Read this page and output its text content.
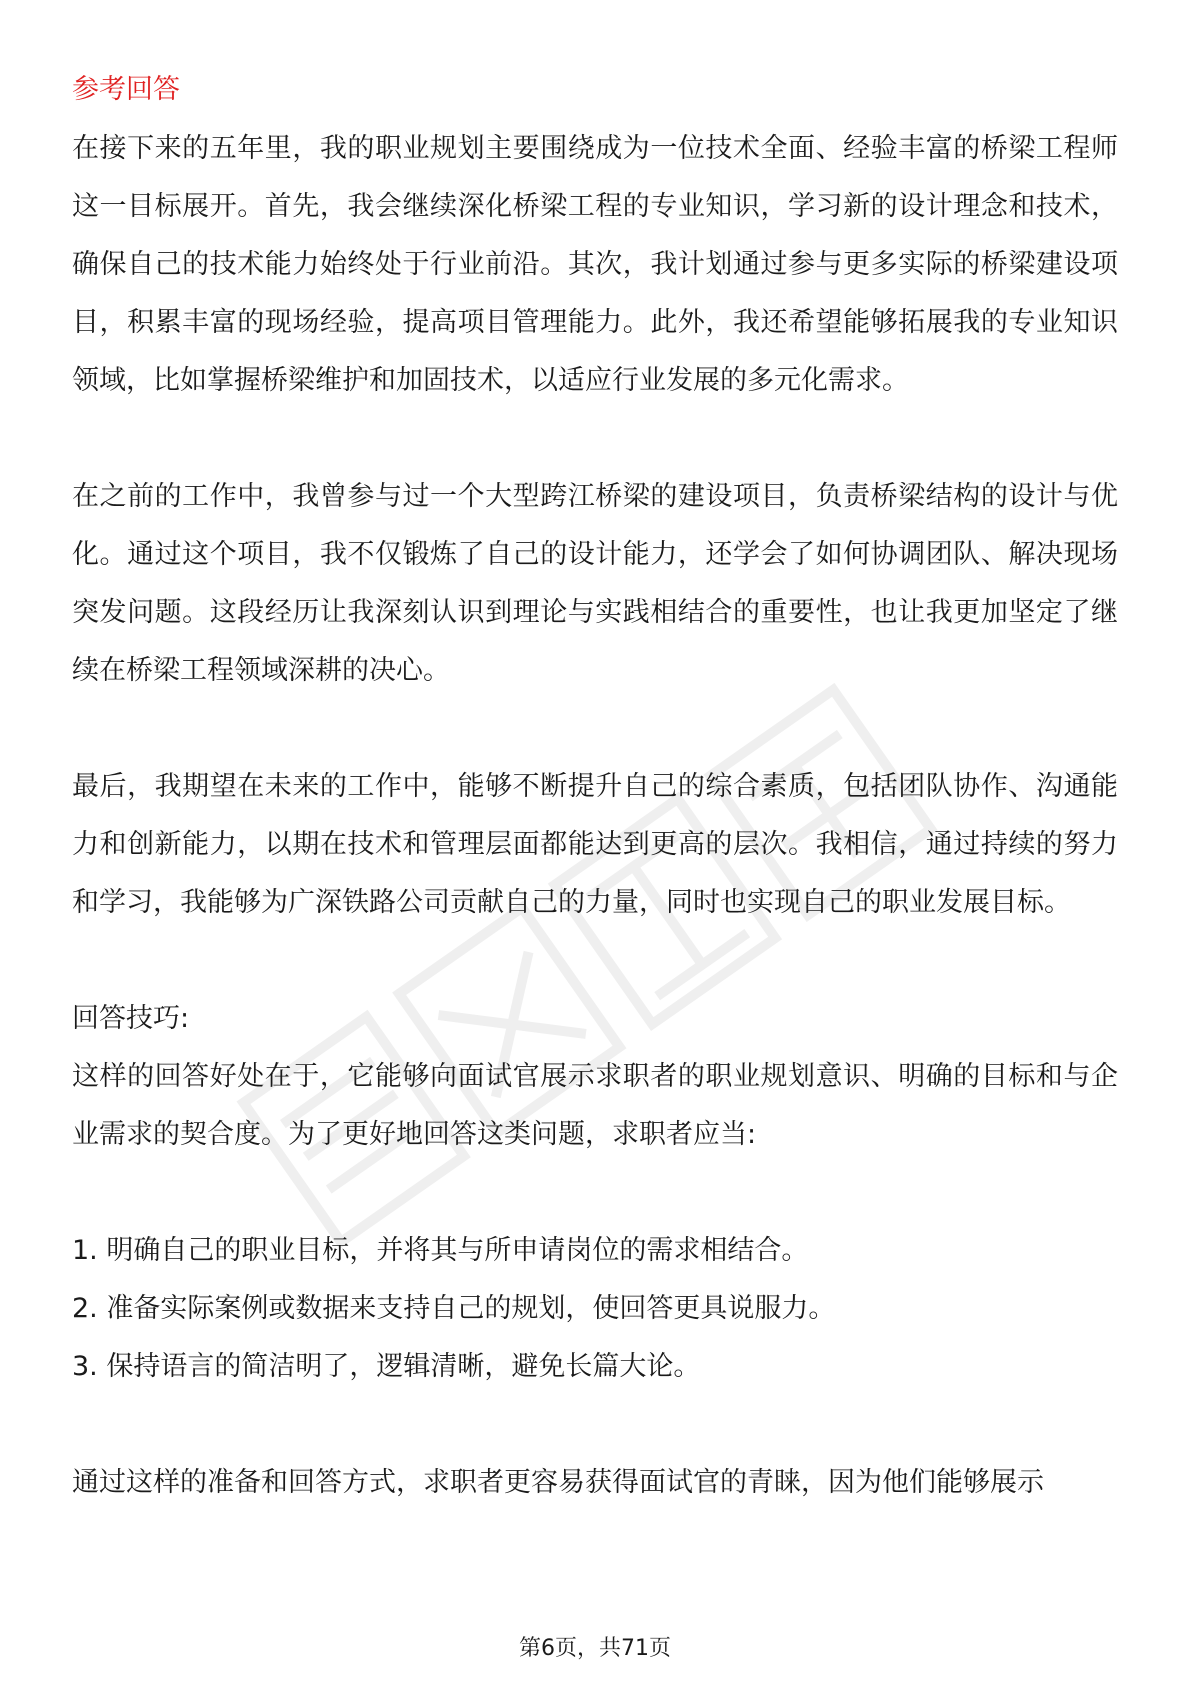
参考回答

在接下来的五年里，我的职业规划主要围绕成为一位技术全面、经验丰富的桥梁工程师这一目标展开。首先，我会继续深化桥梁工程的专业知识，学习新的设计理念和技术，确保自己的技术能力始终处于行业前沿。其次，我计划通过参与更多实际的桥梁建设项目，积累丰富的现场经验，提高项目管理能力。此外，我还希望能够拓展我的专业知识领域，比如掌握桥梁维护和加固技术，以适应行业发展的多元化需求。

在之前的工作中，我曾参与过一个大型跨江桥梁的建设项目，负责桥梁结构的设计与优化。通过这个项目，我不仅锻炼了自己的设计能力，还学会了如何协调团队、解决现场突发问题。这段经历让我深刻认识到理论与实践相结合的重要性，也让我更加坚定了继续在桥梁工程领域深耕的决心。

最后，我期望在未来的工作中，能够不断提升自己的综合素质，包括团队协作、沟通能力和创新能力，以期在技术和管理层面都能达到更高的层次。我相信，通过持续的努力和学习，我能够为广深铁路公司贡献自己的力量，同时也实现自己的职业发展目标。

回答技巧:

这样的回答好处在于，它能够向面试官展示求职者的职业规划意识、明确的目标和与企业需求的契合度。为了更好地回答这类问题，求职者应当:

1. 明确自己的职业目标，并将其与所申请岗位的需求相结合。
2. 准备实际案例或数据来支持自己的规划，使回答更具说服力。
3. 保持语言的简洁明了，逻辑清晰，避免长篇大论。

通过这样的准备和回答方式，求职者更容易获得面试官的青睐，因为他们能够展示

第6页，共71页
